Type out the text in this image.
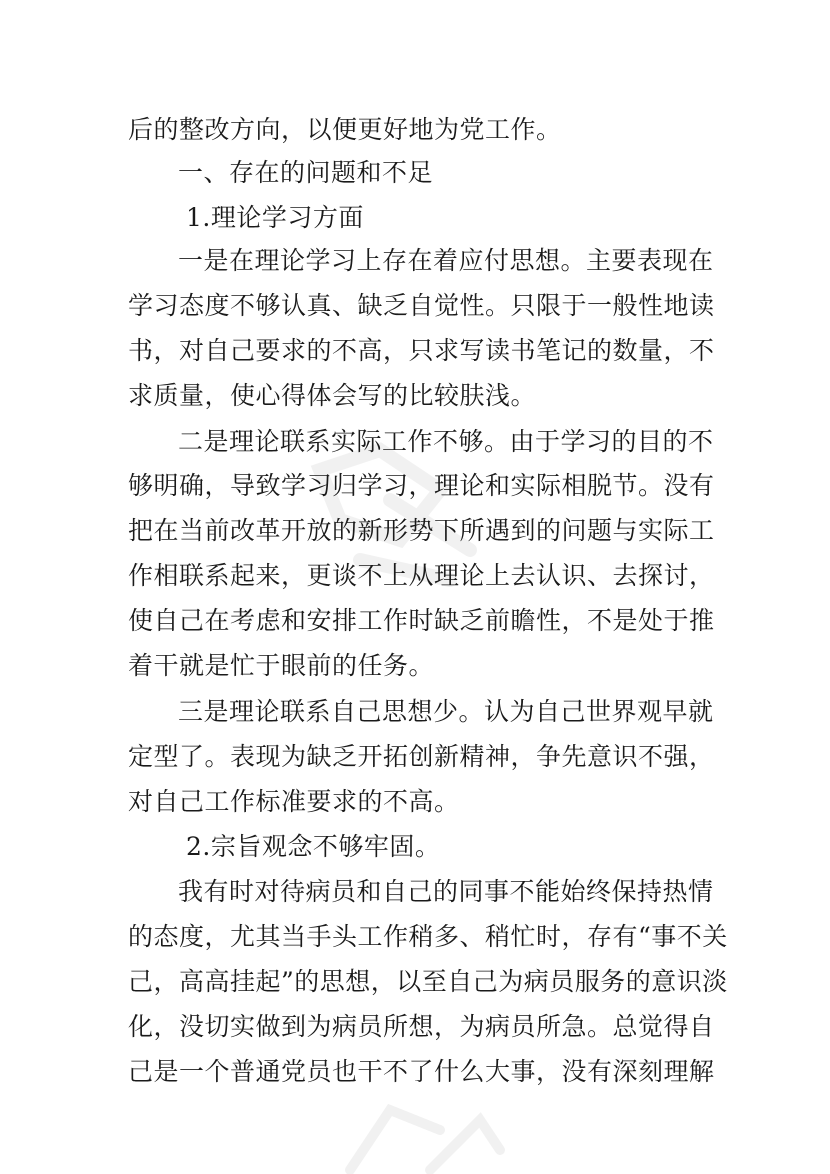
后的整改方向，以便更好地为党工作。
一、存在的问题和不足
1.理论学习方面
一是在理论学习上存在着应付思想。主要表现在
学习态度不够认真、缺乏自觉性。只限于一般性地读
书，对自己要求的不高，只求写读书笔记的数量，不
求质量，使心得体会写的比较肤浅。
二是理论联系实际工作不够。由于学习的目的不
够明确，导致学习归学习，理论和实际相脱节。没有
把在当前改革开放的新形势下所遇到的问题与实际工
作相联系起来，更谈不上从理论上去认识、去探讨，
使自己在考虑和安排工作时缺乏前瞻性，不是处于推
着干就是忙于眼前的任务。
三是理论联系自己思想少。认为自己世界观早就
定型了。表现为缺乏开拓创新精神，争先意识不强，
对自己工作标准要求的不高。
2.宗旨观念不够牢固。
我有时对待病员和自己的同事不能始终保持热情
的态度，尤其当手头工作稍多、稍忙时，存有“事不关
己，高高挂起”的思想，以至自己为病员服务的意识淡
化，没切实做到为病员所想，为病员所急。总觉得自
己是一个普通党员也干不了什么大事，没有深刻理解
